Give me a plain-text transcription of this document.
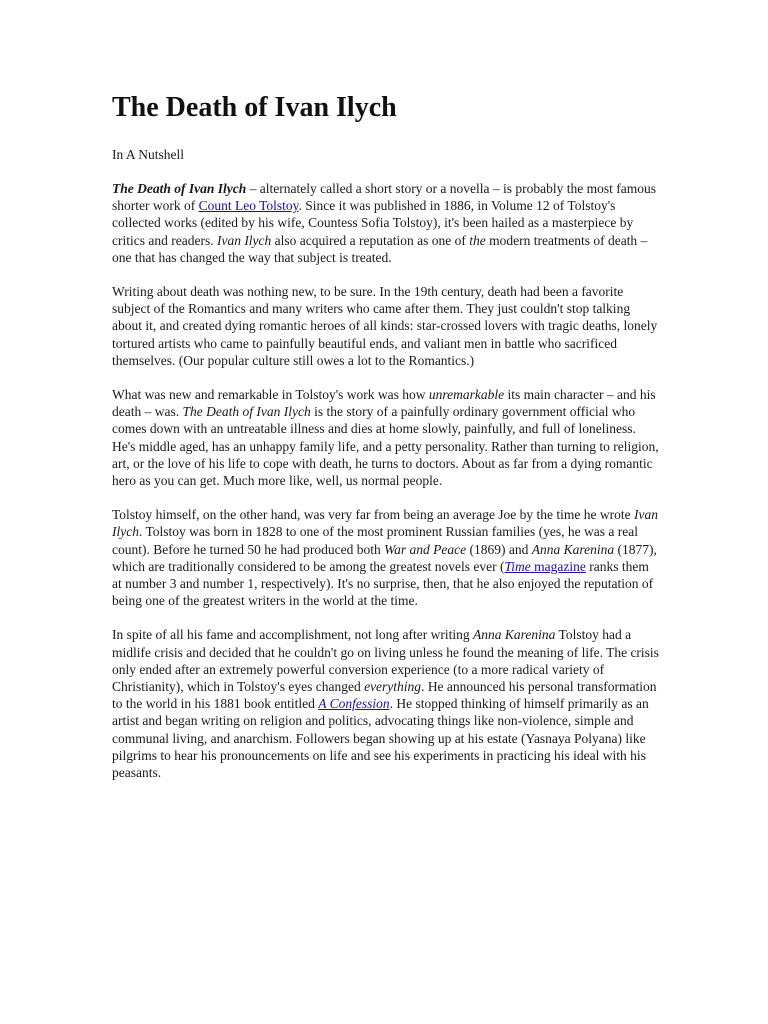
The Death of Ivan Ilych
In A Nutshell

The Death of Ivan Ilych – alternately called a short story or a novella – is probably the most famous shorter work of Count Leo Tolstoy. Since it was published in 1886, in Volume 12 of Tolstoy's collected works (edited by his wife, Countess Sofia Tolstoy), it's been hailed as a masterpiece by critics and readers. Ivan Ilych also acquired a reputation as one of the modern treatments of death – one that has changed the way that subject is treated.

Writing about death was nothing new, to be sure. In the 19th century, death had been a favorite subject of the Romantics and many writers who came after them. They just couldn't stop talking about it, and created dying romantic heroes of all kinds: star-crossed lovers with tragic deaths, lonely tortured artists who came to painfully beautiful ends, and valiant men in battle who sacrificed themselves. (Our popular culture still owes a lot to the Romantics.)

What was new and remarkable in Tolstoy's work was how unremarkable its main character – and his death – was. The Death of Ivan Ilych is the story of a painfully ordinary government official who comes down with an untreatable illness and dies at home slowly, painfully, and full of loneliness. He's middle aged, has an unhappy family life, and a petty personality. Rather than turning to religion, art, or the love of his life to cope with death, he turns to doctors. About as far from a dying romantic hero as you can get. Much more like, well, us normal people.

Tolstoy himself, on the other hand, was very far from being an average Joe by the time he wrote Ivan Ilych. Tolstoy was born in 1828 to one of the most prominent Russian families (yes, he was a real count). Before he turned 50 he had produced both War and Peace (1869) and Anna Karenina (1877), which are traditionally considered to be among the greatest novels ever (Time magazine ranks them at number 3 and number 1, respectively). It's no surprise, then, that he also enjoyed the reputation of being one of the greatest writers in the world at the time.

In spite of all his fame and accomplishment, not long after writing Anna Karenina Tolstoy had a midlife crisis and decided that he couldn't go on living unless he found the meaning of life. The crisis only ended after an extremely powerful conversion experience (to a more radical variety of Christianity), which in Tolstoy's eyes changed everything. He announced his personal transformation to the world in his 1881 book entitled A Confession. He stopped thinking of himself primarily as an artist and began writing on religion and politics, advocating things like non-violence, simple and communal living, and anarchism. Followers began showing up at his estate (Yasnaya Polyana) like pilgrims to hear his pronouncements on life and see his experiments in practicing his ideal with his peasants.
